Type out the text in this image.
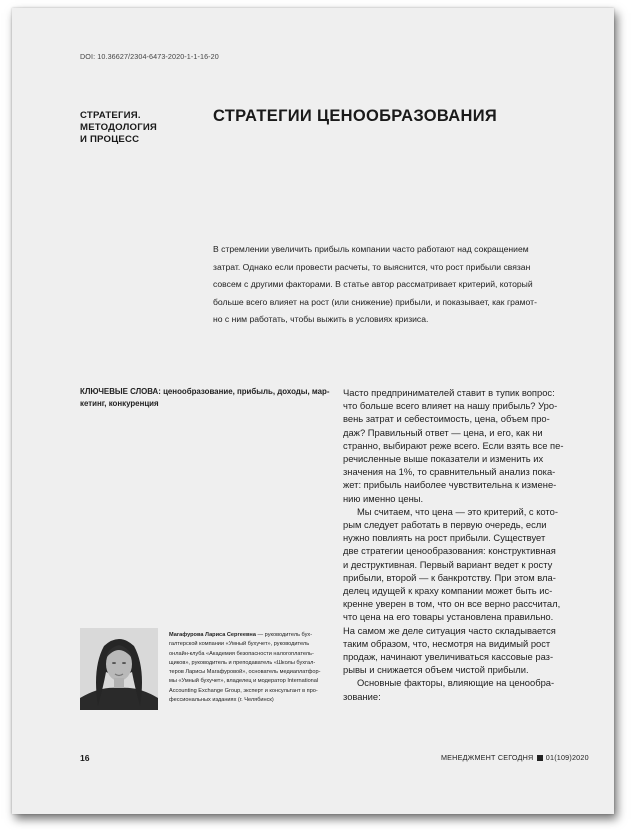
DOI: 10.36627/2304-6473-2020-1-1-16-20
СТРАТЕГИЯ.
МЕТОДОЛОГИЯ
И ПРОЦЕСС
СТРАТЕГИИ ЦЕНООБРАЗОВАНИЯ
В стремлении увеличить прибыль компании часто работают над сокращением
затрат. Однако если провести расчеты, то выяснится, что рост прибыли связан
совсем с другими факторами. В статье автор рассматривает критерий, который
больше всего влияет на рост (или снижение) прибыли, и показывает, как грамот-
но с ним работать, чтобы выжить в условиях кризиса.
КЛЮЧЕВЫЕ СЛОВА: ценообразование, прибыль, доходы, мар-
кетинг, конкуренция
Часто предпринимателей ставит в тупик вопрос:
что больше всего влияет на нашу прибыль? Уро-
вень затрат и себестоимость, цена, объем про-
даж? Правильный ответ — цена, и его, как ни
странно, выбирают реже всего. Если взять все пе-
речисленные выше показатели и изменить их
значения на 1%, то сравнительный анализ пока-
жет: прибыль наиболее чувствительна к измене-
нию именно цены.
Мы считаем, что цена — это критерий, с кото-
рым следует работать в первую очередь, если
нужно повлиять на рост прибыли. Существует
две стратегии ценообразования: конструктивная
и деструктивная. Первый вариант ведет к росту
прибыли, второй — к банкротству. При этом вла-
делец идущей к краху компании может быть ис-
кренне уверен в том, что он все верно рассчитал,
что цена на его товары установлена правильно.
На самом же деле ситуация часто складывается
таким образом, что, несмотря на видимый рост
продаж, начинают увеличиваться кассовые раз-
рывы и снижается объем чистой прибыли.
Основные факторы, влияющие на ценообра-
зование:
Магафурова Лариса Сергеевна — руководитель бух-
галтерской компании «Умный бухучет», руководитель
онлайн-клуба «Академия безопасности налогоплатель-
щиков», руководитель и преподаватель «Школы бухгал-
теров Ларисы Магафуровой», основатель медиаплатфор-
мы «Умный бухучет», владелец и модератор International
Accounting Exchange Group, эксперт и консультант в про-
фессиональных изданиях (г. Челябинск)
16	МЕНЕДЖМЕНТ СЕГОДНЯ 01(109)2020
